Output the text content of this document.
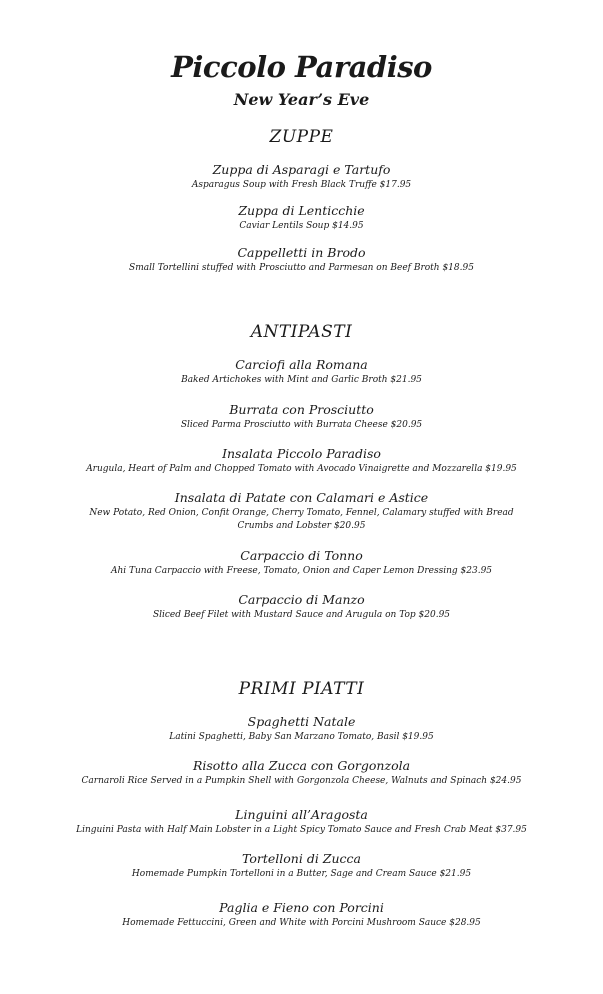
Piccolo Paradiso
New Year’s Eve
ZUPPE
Zuppa di Asparagi e Tartufo
Asparagus Soup with Fresh Black Truffe $17.95
Zuppa di Lenticchie
Caviar Lentils Soup $14.95
Cappelletti in Brodo
Small Tortellini stuffed with Prosciutto and Parmesan on Beef Broth $18.95
ANTIPASTI
Carciofi alla Romana
Baked Artichokes with Mint and Garlic Broth $21.95
Burrata con Prosciutto
Sliced Parma Prosciutto with Burrata Cheese $20.95
Insalata Piccolo Paradiso
Arugula, Heart of Palm and Chopped Tomato with Avocado Vinaigrette and Mozzarella $19.95
Insalata di Patate con Calamari e Astice
New Potato, Red Onion, Confit Orange, Cherry Tomato, Fennel, Calamary stuffed with Bread Crumbs and Lobster $20.95
Carpaccio di Tonno
Ahi Tuna Carpaccio with Freese, Tomato, Onion and Caper Lemon Dressing $23.95
Carpaccio di Manzo
Sliced Beef Filet with Mustard Sauce and Arugula on Top $20.95
PRIMI PIATTI
Spaghetti Natale
Latini Spaghetti, Baby San Marzano Tomato, Basil $19.95
Risotto alla Zucca con Gorgonzola
Carnaroli Rice Served in a Pumpkin Shell with Gorgonzola Cheese, Walnuts and Spinach $24.95
Linguini all’Aragosta
Linguini Pasta with Half Main Lobster in a Light Spicy Tomato Sauce and Fresh Crab Meat $37.95
Tortelloni di Zucca
Homemade Pumpkin Tortelloni in a Butter, Sage and Cream Sauce $21.95
Paglia e Fieno con Porcini
Homemade Fettuccini, Green and White with Porcini Mushroom Sauce $28.95
